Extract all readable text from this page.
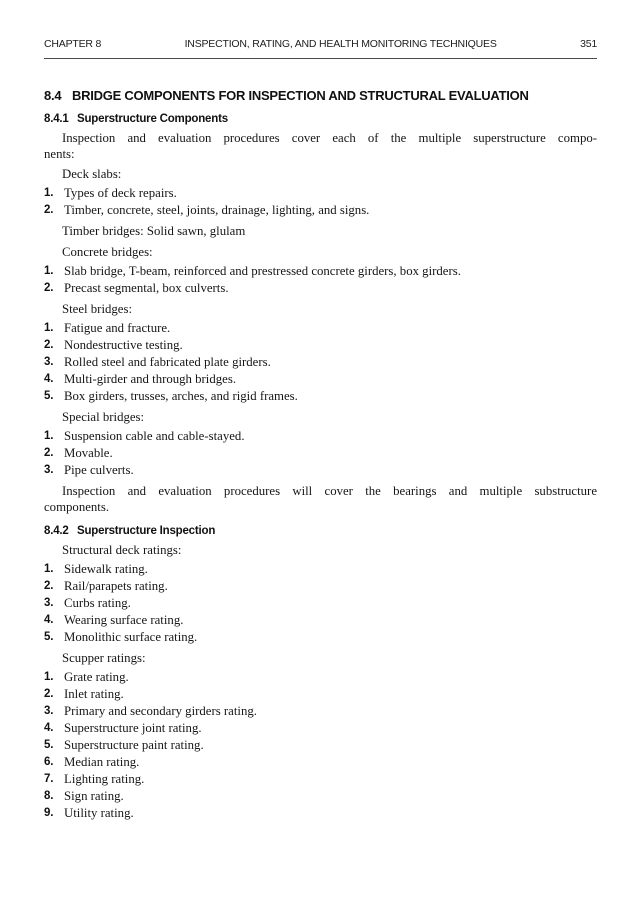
CHAPTER 8	INSPECTION, RATING, AND HEALTH MONITORING TECHNIQUES	351
8.4 BRIDGE COMPONENTS FOR INSPECTION AND STRUCTURAL EVALUATION
8.4.1 Superstructure Components
Inspection and evaluation procedures cover each of the multiple superstructure compo-
nents:
Deck slabs:
1. Types of deck repairs.
2. Timber, concrete, steel, joints, drainage, lighting, and signs.
Timber bridges: Solid sawn, glulam
Concrete bridges:
1. Slab bridge, T-beam, reinforced and prestressed concrete girders, box girders.
2. Precast segmental, box culverts.
Steel bridges:
1. Fatigue and fracture.
2. Nondestructive testing.
3. Rolled steel and fabricated plate girders.
4. Multi-girder and through bridges.
5. Box girders, trusses, arches, and rigid frames.
Special bridges:
1. Suspension cable and cable-stayed.
2. Movable.
3. Pipe culverts.
Inspection and evaluation procedures will cover the bearings and multiple substructure
components.
8.4.2 Superstructure Inspection
Structural deck ratings:
1. Sidewalk rating.
2. Rail/parapets rating.
3. Curbs rating.
4. Wearing surface rating.
5. Monolithic surface rating.
Scupper ratings:
1. Grate rating.
2. Inlet rating.
3. Primary and secondary girders rating.
4. Superstructure joint rating.
5. Superstructure paint rating.
6. Median rating.
7. Lighting rating.
8. Sign rating.
9. Utility rating.
